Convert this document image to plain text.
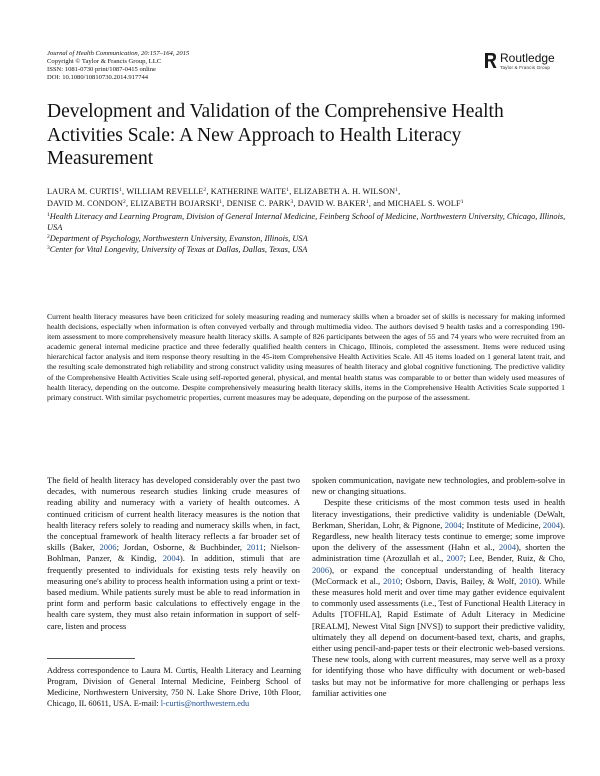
Journal of Health Communication, 20:157–164, 2015
Copyright © Taylor & Francis Group, LLC
ISSN: 1081-0730 print/1087-0415 online
DOI: 10.1080/10810730.2014.917744
Routledge
Taylor & Francis Group
Development and Validation of the Comprehensive Health Activities Scale: A New Approach to Health Literacy Measurement
LAURA M. CURTIS$^1$, WILLIAM REVELLE$^2$, KATHERINE WAITE$^1$, ELIZABETH A. H. WILSON$^1$,
DAVID M. CONDON$^2$, ELIZABETH BOJARSKI$^1$, DENISE C. PARK$^3$, DAVID W. BAKER$^1$, and MICHAEL S. WOLF$^1$
$^1$Health Literacy and Learning Program, Division of General Internal Medicine, Feinberg School of Medicine, Northwestern University, Chicago, Illinois, USA
$^2$Department of Psychology, Northwestern University, Evanston, Illinois, USA
$^3$Center for Vital Longevity, University of Texas at Dallas, Dallas, Texas, USA

Current health literacy measures have been criticized for solely measuring reading and numeracy skills when a broader set of skills is necessary for making informed health decisions, especially when information is often conveyed verbally and through multimedia video. The authors devised 9 health tasks and a corresponding 190-item assessment to more comprehensively measure health literacy skills. A sample of 826 participants between the ages of 55 and 74 years who were recruited from an academic general internal medicine practice and three federally qualified health centers in Chicago, Illinois, completed the assessment. Items were reduced using hierarchical factor analysis and item response theory resulting in the 45-item Comprehensive Health Activities Scale. All 45 items loaded on 1 general latent trait, and the resulting scale demonstrated high reliability and strong construct validity using measures of health literacy and global cognitive functioning. The predictive validity of the Comprehensive Health Activities Scale using self-reported general, physical, and mental health status was comparable to or better than widely used measures of health literacy, depending on the outcome. Despite comprehensively measuring health literacy skills, items in the Comprehensive Health Activities Scale supported 1 primary construct. With similar psychometric properties, current measures may be adequate, depending on the purpose of the assessment.

The field of health literacy has developed considerably over the past two decades, with numerous research studies linking crude measures of reading ability and numeracy with a variety of health outcomes. A continued criticism of current health literacy measures is the notion that health literacy refers solely to reading and numeracy skills when, in fact, the conceptual framework of health literacy reflects a far broader set of skills (Baker, 2006; Jordan, Osborne, & Buchbinder, 2011; Nielson-Bohlman, Panzer, & Kindig, 2004). In addition, stimuli that are frequently presented to individuals for existing tests rely heavily on measuring one's ability to process health information using a print or text-based medium. While patients surely must be able to read information in print form and perform basic calculations to effectively engage in the health care system, they must also retain information in support of self-care, listen and process

spoken communication, navigate new technologies, and problem-solve in new or changing situations.

Despite these criticisms of the most common tests used in health literacy investigations, their predictive validity is undeniable (DeWalt, Berkman, Sheridan, Lohr, & Pignone, 2004; Institute of Medicine, 2004). Regardless, new health literacy tests continue to emerge; some improve upon the delivery of the assessment (Hahn et al., 2004), shorten the administration time (Arozullah et al., 2007; Lee, Bender, Ruiz, & Cho, 2006), or expand the conceptual understanding of health literacy (McCormack et al., 2010; Osborn, Davis, Bailey, & Wolf, 2010). While these measures hold merit and over time may gather evidence equivalent to commonly used assessments (i.e., Test of Functional Health Literacy in Adults [TOFHLA], Rapid Estimate of Adult Literacy in Medicine [REALM], Newest Vital Sign [NVS]) to support their predictive validity, ultimately they all depend on document-based text, charts, and graphs, either using pencil-and-paper tests or their electronic web-based versions. These new tools, along with current measures, may serve well as a proxy for identifying those who have difficulty with document or web-based tasks but may not be informative for more challenging or perhaps less familiar activities one

Address correspondence to Laura M. Curtis, Health Literacy and Learning Program, Division of General Internal Medicine, Feinberg School of Medicine, Northwestern University, 750 N. Lake Shore Drive, 10th Floor, Chicago, IL 60611, USA. E-mail: l-curtis@northwestern.edu
